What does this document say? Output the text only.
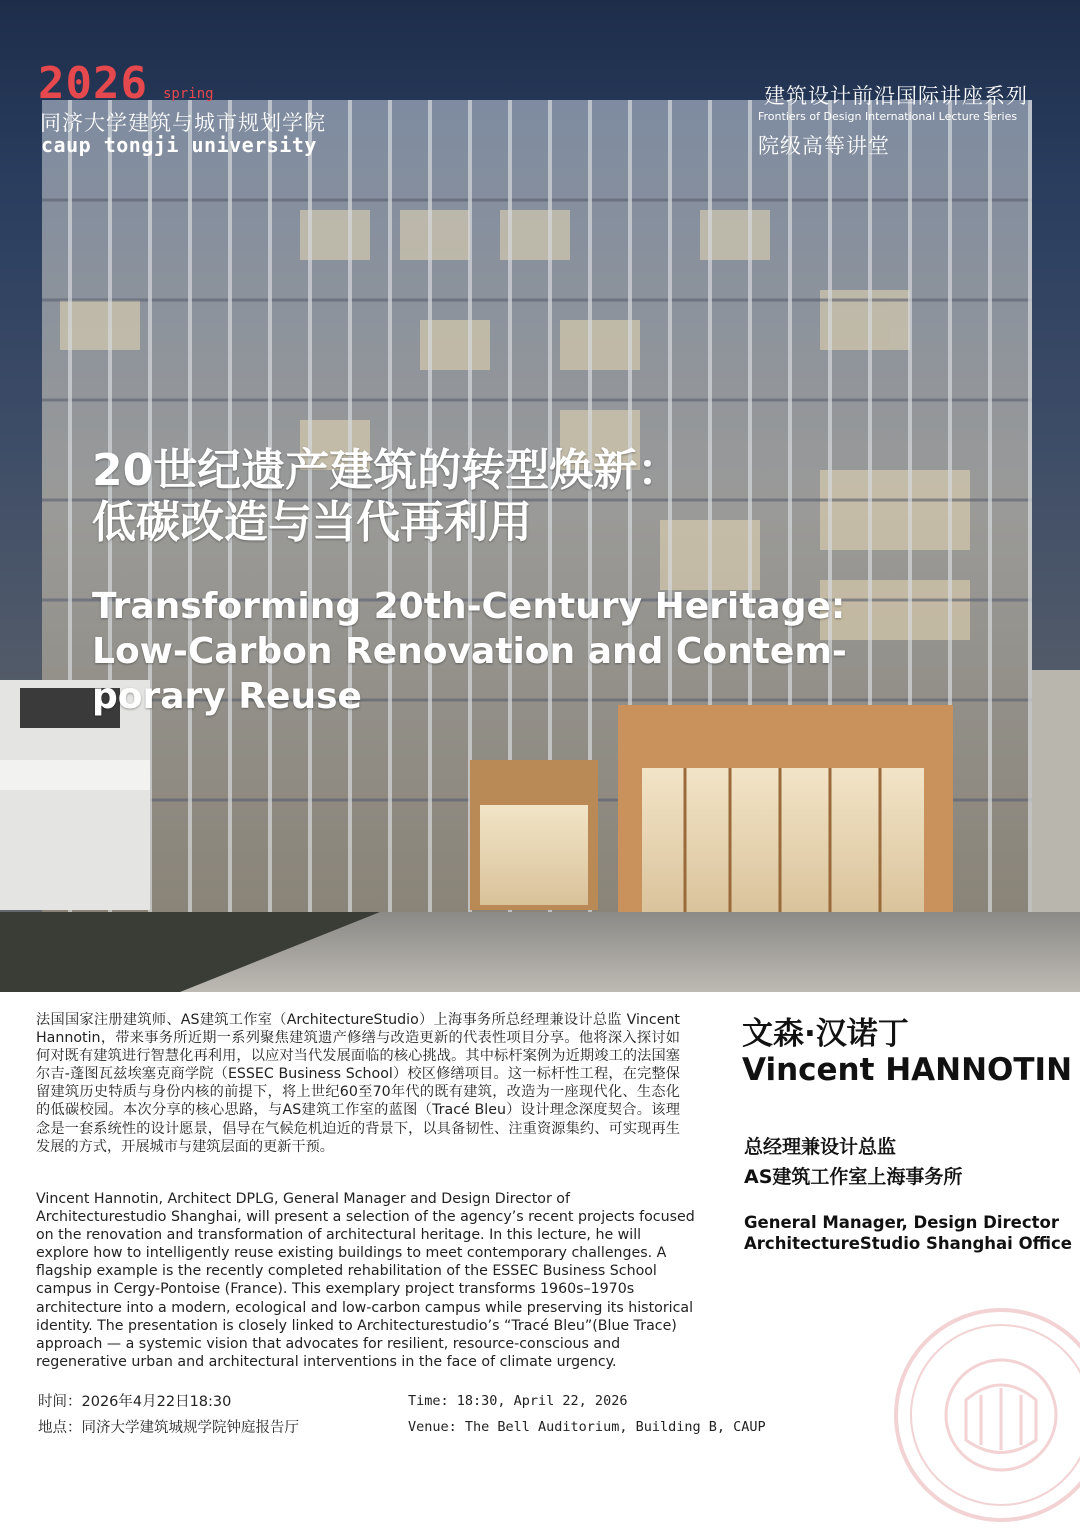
2026 spring
同济大学建筑与城市规划学院
caup tongji university
建筑设计前沿国际讲座系列
Frontiers of Design International Lecture Series
院级高等讲堂
20世纪遗产建筑的转型焕新：
低碳改造与当代再利用
Transforming 20th-Century Heritage:
Low-Carbon Renovation and Contem-
porary Reuse
法国国家注册建筑师、AS建筑工作室（ArchitectureStudio）上海事务所总经理兼设计总监 Vincent Hannotin，带来事务所近期一系列聚焦建筑遗产修缮与改造更新的代表性项目分享。他将深入探讨如何对既有建筑进行智慧化再利用，以应对当代发展面临的核心挑战。其中标杆案例为近期竣工的法国塞尔吉-蓬图瓦兹埃塞克商学院（ESSEC Business School）校区修缮项目。这一标杆性工程，在完整保留建筑历史特质与身份内核的前提下，将上世纪60至70年代的既有建筑，改造为一座现代化、生态化的低碳校园。本次分享的核心思路，与AS建筑工作室的蓝图（Tracé Bleu）设计理念深度契合。该理念是一套系统性的设计愿景，倡导在气候危机迫近的背景下，以具备韧性、注重资源集约、可实现再生发展的方式，开展城市与建筑层面的更新干预。
Vincent Hannotin, Architect DPLG, General Manager and Design Director of Architecturestudio Shanghai, will present a selection of the agency’s recent projects focused on the renovation and transformation of architectural heritage. In this lecture, he will explore how to intelligently reuse existing buildings to meet contemporary challenges. A flagship example is the recently completed rehabilitation of the ESSEC Business School campus in Cergy-Pontoise (France). This exemplary project transforms 1960s–1970s architecture into a modern, ecological and low-carbon campus while preserving its historical identity. The presentation is closely linked to Architecturestudio’s “Tracé Bleu”(Blue Trace) approach — a systemic vision that advocates for resilient, resource-conscious and regenerative urban and architectural interventions in the face of climate urgency.
时间：2026年4月22日18:30
地点：同济大学建筑城规学院钟庭报告厅
Time: 18:30, April 22, 2026
Venue: The Bell Auditorium, Building B, CAUP
文森·汉诺丁
Vincent HANNOTIN
总经理兼设计总监
AS建筑工作室上海事务所
General Manager, Design Director
ArchitectureStudio Shanghai Office
